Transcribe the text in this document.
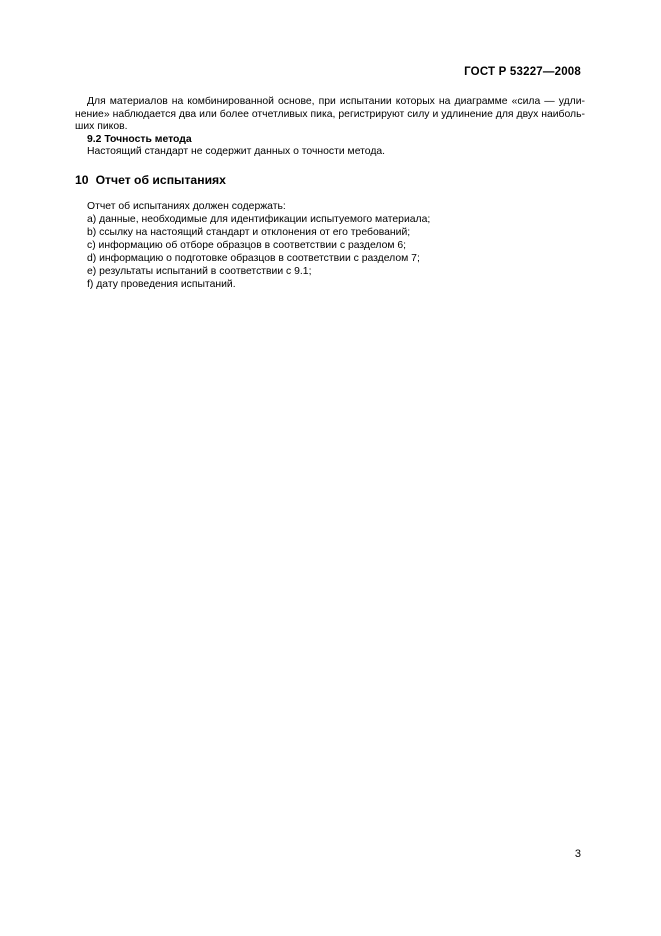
ГОСТ Р 53227—2008
Для материалов на комбинированной основе, при испытании которых на диаграмме «сила — удли-
нение» наблюдается два или более отчетливых пика, регистрируют силу и удлинение для двух наиболь-
ших пиков.
9.2 Точность метода
Настоящий стандарт не содержит данных о точности метода.
10 Отчет об испытаниях
Отчет об испытаниях должен содержать:
a) данные, необходимые для идентификации испытуемого материала;
b) ссылку на настоящий стандарт и отклонения от его требований;
c) информацию об отборе образцов в соответствии с разделом 6;
d) информацию о подготовке образцов в соответствии с разделом 7;
e) результаты испытаний в соответствии с 9.1;
f) дату проведения испытаний.
3
